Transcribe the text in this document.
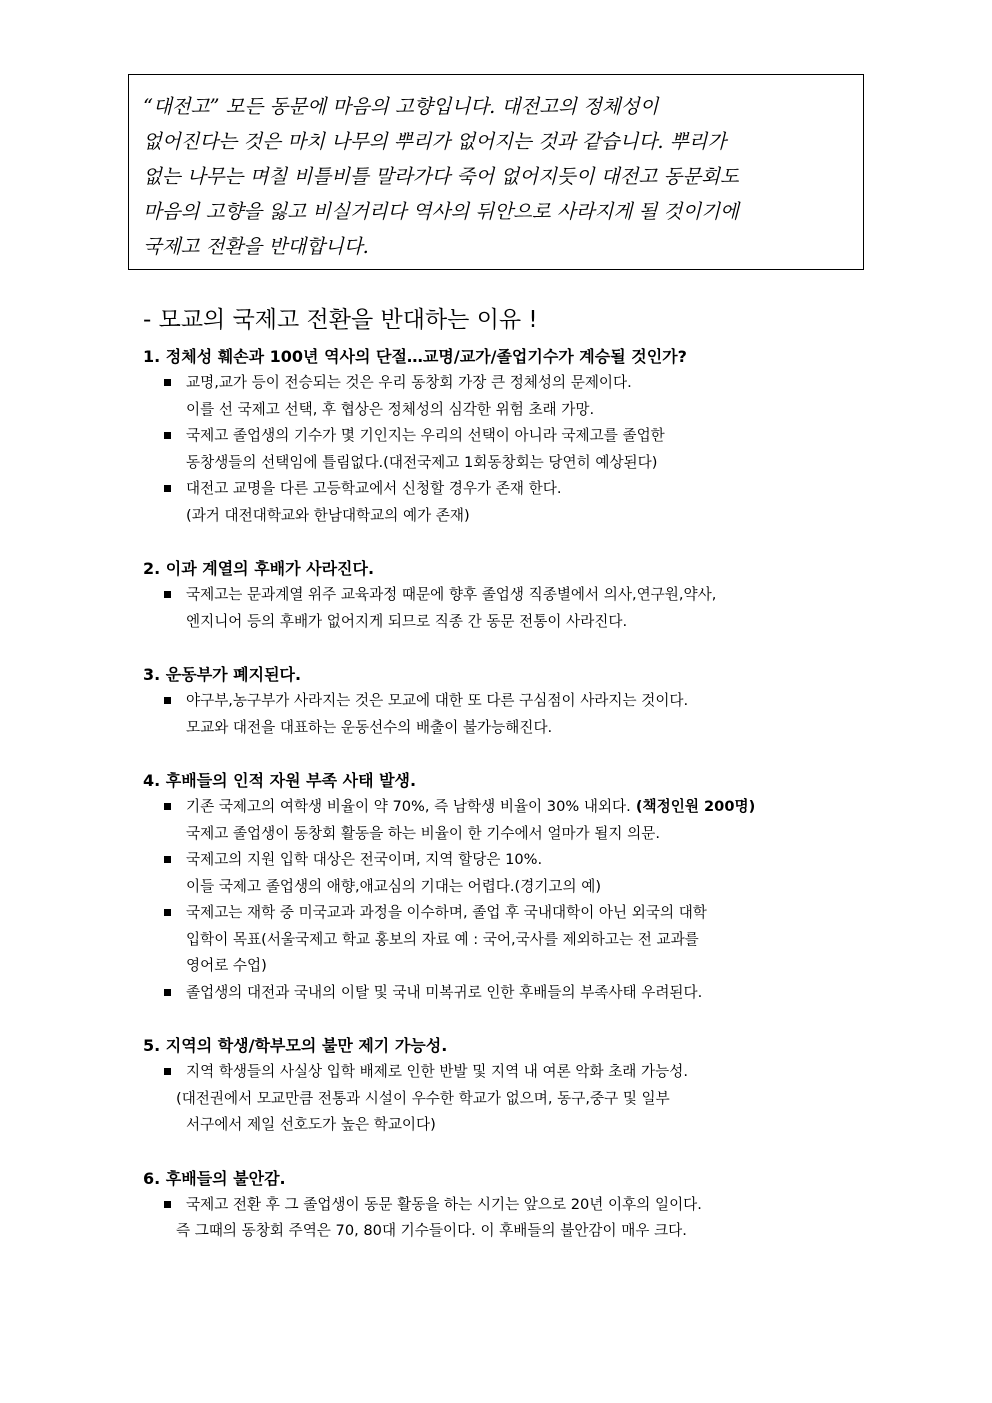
“대전고” 모든 동문에 마음의 고향입니다. 대전고의 정체성이
없어진다는 것은 마치 나무의 뿌리가 없어지는 것과 같습니다. 뿌리가
없는 나무는 며칠 비틀비틀 말라가다 죽어 없어지듯이 대전고 동문회도
마음의 고향을 잃고 비실거리다 역사의 뒤안으로 사라지게 될 것이기에
국제고 전환을 반대합니다.
- 모교의 국제고 전환을 반대하는 이유 !
1. 정체성 훼손과 100년 역사의 단절…교명/교가/졸업기수가 계승될 것인가?
교명,교가 등이 전승되는 것은 우리 동창회 가장 큰 정체성의 문제이다.
이를 선 국제고 선택, 후 협상은 정체성의 심각한 위험 초래 가망.
국제고 졸업생의 기수가 몇 기인지는 우리의 선택이 아니라 국제고를 졸업한
동창생들의 선택임에 틀림없다.(대전국제고 1회동창회는 당연히 예상된다)
대전고 교명을 다른 고등학교에서 신청할 경우가 존재 한다.
(과거 대전대학교와 한남대학교의 예가 존재)
2. 이과 계열의 후배가 사라진다.
국제고는 문과계열 위주 교육과정 때문에 향후 졸업생 직종별에서 의사,연구원,약사,
엔지니어 등의 후배가 없어지게 되므로 직종 간 동문 전통이 사라진다.
3. 운동부가 폐지된다.
야구부,농구부가 사라지는 것은 모교에 대한 또 다른 구심점이 사라지는 것이다.
모교와 대전을 대표하는 운동선수의 배출이 불가능해진다.
4. 후배들의 인적 자원 부족 사태 발생.
기존 국제고의 여학생 비율이 약 70%, 즉 남학생 비율이 30% 내외다. (책정인원 200명)
국제고 졸업생이 동창회 활동을 하는 비율이 한 기수에서 얼마가 될지 의문.
국제고의 지원 입학 대상은 전국이며, 지역 할당은 10%.
이들 국제고 졸업생의 애향,애교심의 기대는 어렵다.(경기고의 예)
국제고는 재학 중 미국교과 과정을 이수하며, 졸업 후 국내대학이 아닌 외국의 대학
입학이 목표(서울국제고 학교 홍보의 자료 예 : 국어,국사를 제외하고는 전 교과를
영어로 수업)
졸업생의 대전과 국내의 이탈 및 국내 미복귀로 인한 후배들의 부족사태 우려된다.
5. 지역의 학생/학부모의 불만 제기 가능성.
지역 학생들의 사실상 입학 배제로 인한 반발 및 지역 내 여론 악화 초래 가능성.
(대전권에서 모교만큼 전통과 시설이 우수한 학교가 없으며, 동구,중구 및 일부
서구에서 제일 선호도가 높은 학교이다)
6. 후배들의 불안감.
국제고 전환 후 그 졸업생이 동문 활동을 하는 시기는 앞으로 20년 이후의 일이다.
즉 그때의 동창회 주역은 70, 80대 기수들이다. 이 후배들의 불안감이 매우 크다.
